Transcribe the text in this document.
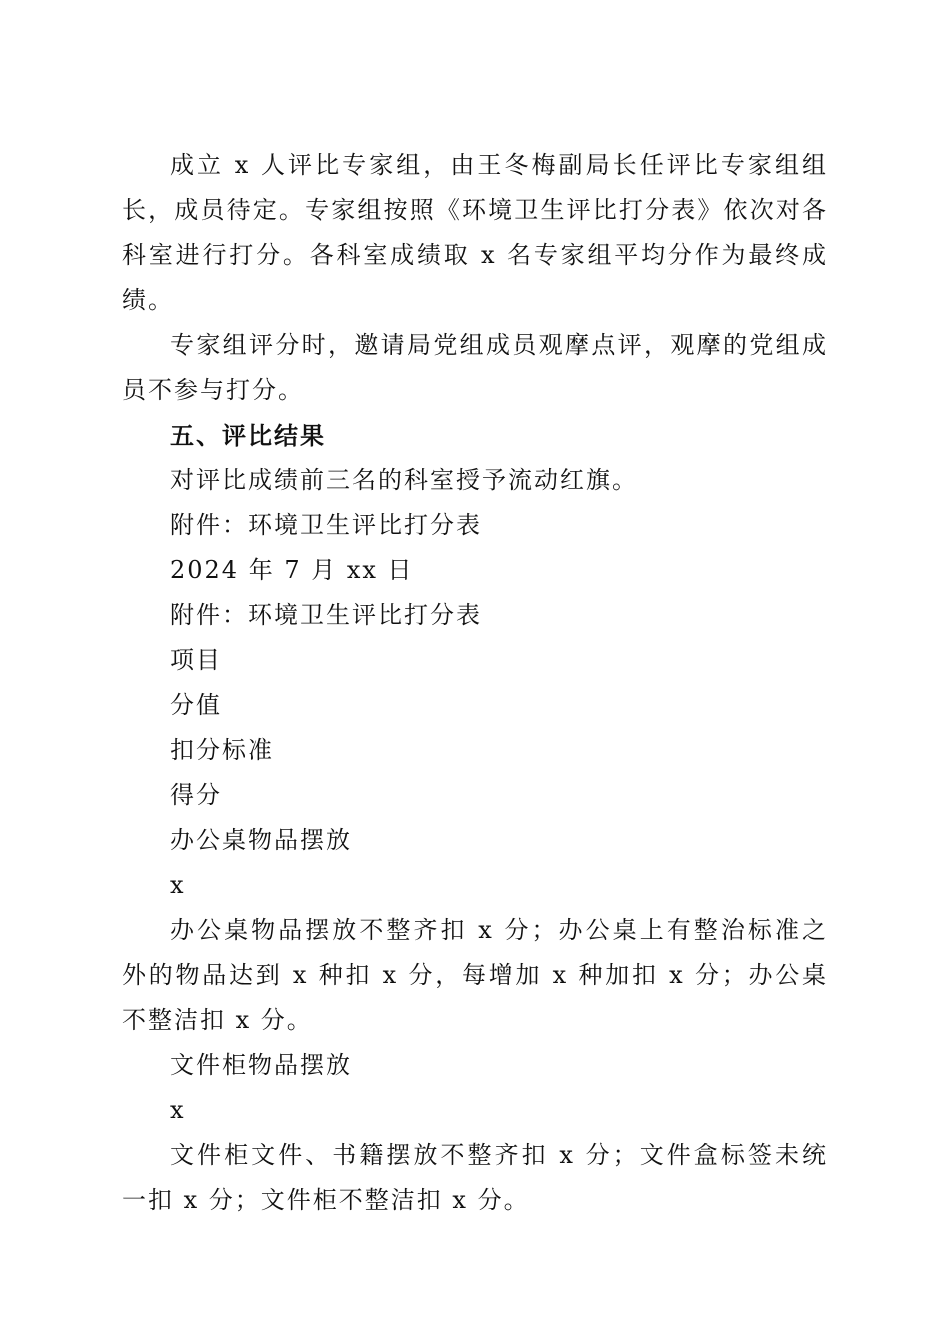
成立 x 人评比专家组，由王冬梅副局长任评比专家组组长，成员待定。专家组按照《环境卫生评比打分表》依次对各科室进行打分。各科室成绩取 x 名专家组平均分作为最终成绩。

专家组评分时，邀请局党组成员观摩点评，观摩的党组成员不参与打分。

五、评比结果

对评比成绩前三名的科室授予流动红旗。

附件：环境卫生评比打分表

2024 年 7 月 xx 日

附件：环境卫生评比打分表

项目

分值

扣分标准

得分

办公桌物品摆放

x

办公桌物品摆放不整齐扣 x 分；办公桌上有整治标准之外的物品达到 x 种扣 x 分，每增加 x 种加扣 x 分；办公桌不整洁扣 x 分。

文件柜物品摆放

x

文件柜文件、书籍摆放不整齐扣 x 分；文件盒标签未统一扣 x 分；文件柜不整洁扣 x 分。
